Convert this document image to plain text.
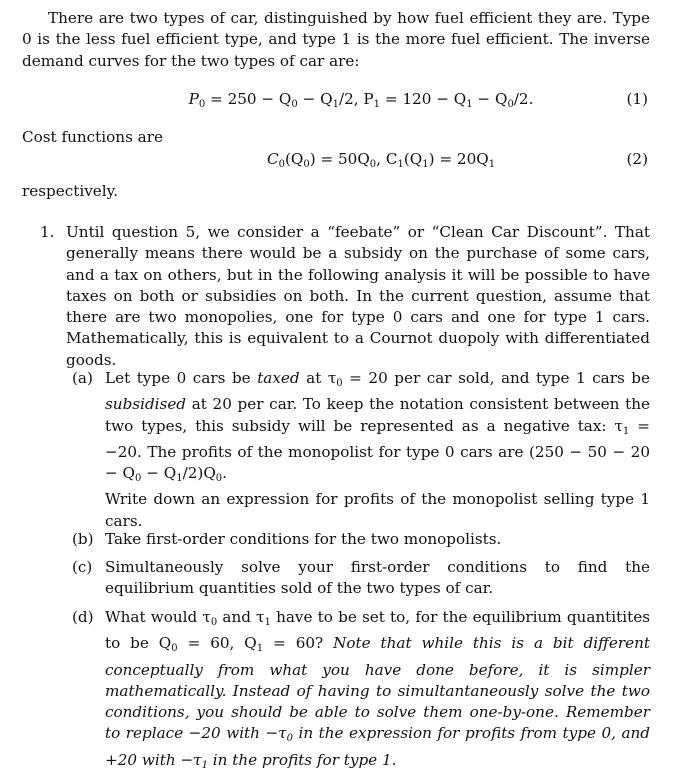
There are two types of car, distinguished by how fuel efficient they are. Type 0 is the less fuel efficient type, and type 1 is the more fuel efficient. The inverse demand curves for the two types of car are:
$P_0 = 250 - Q_0 - Q_1/2$, $P_1 = 120 - Q_1 - Q_0/2$.	(1)
Cost functions are
$C_0(Q_0) = 50Q_0$, $C_1(Q_1) = 20Q_1$	(2)
respectively.
1. Until question 5, we consider a “feebate” or “Clean Car Discount”. That generally means there would be a subsidy on the purchase of some cars, and a tax on others, but in the following analysis it will be possible to have taxes on both or subsidies on both. In the current question, assume that there are two monopolies, one for type 0 cars and one for type 1 cars. Mathematically, this is equivalent to a Cournot duopoly with differentiated goods.
(a) Let type 0 cars be taxed at $\tau_0 = 20$ per car sold, and type 1 cars be subsidised at 20 per car. To keep the notation consistent between the two types, this subsidy will be represented as a negative tax: $\tau_1 = -20$. The profits of the monopolist for type 0 cars are $(250 - 50 - 20 - Q_0 - Q_1/2)Q_0$.
Write down an expression for profits of the monopolist selling type 1 cars.
(b) Take first-order conditions for the two monopolists.
(c) Simultaneously solve your first-order conditions to find the equilibrium quantities sold of the two types of car.
(d) What would $\tau_0$ and $\tau_1$ have to be set to, for the equilibrium quantitites to be $Q_0 = 60$, $Q_1 = 60$? Note that while this is a bit different conceptually from what you have done before, it is simpler mathematically. Instead of having to simultantaneously solve the two conditions, you should be able to solve them one-by-one. Remember to replace −20 with $-\tau_0$ in the expression for profits from type 0, and +20 with $-\tau_1$ in the profits for type 1.
